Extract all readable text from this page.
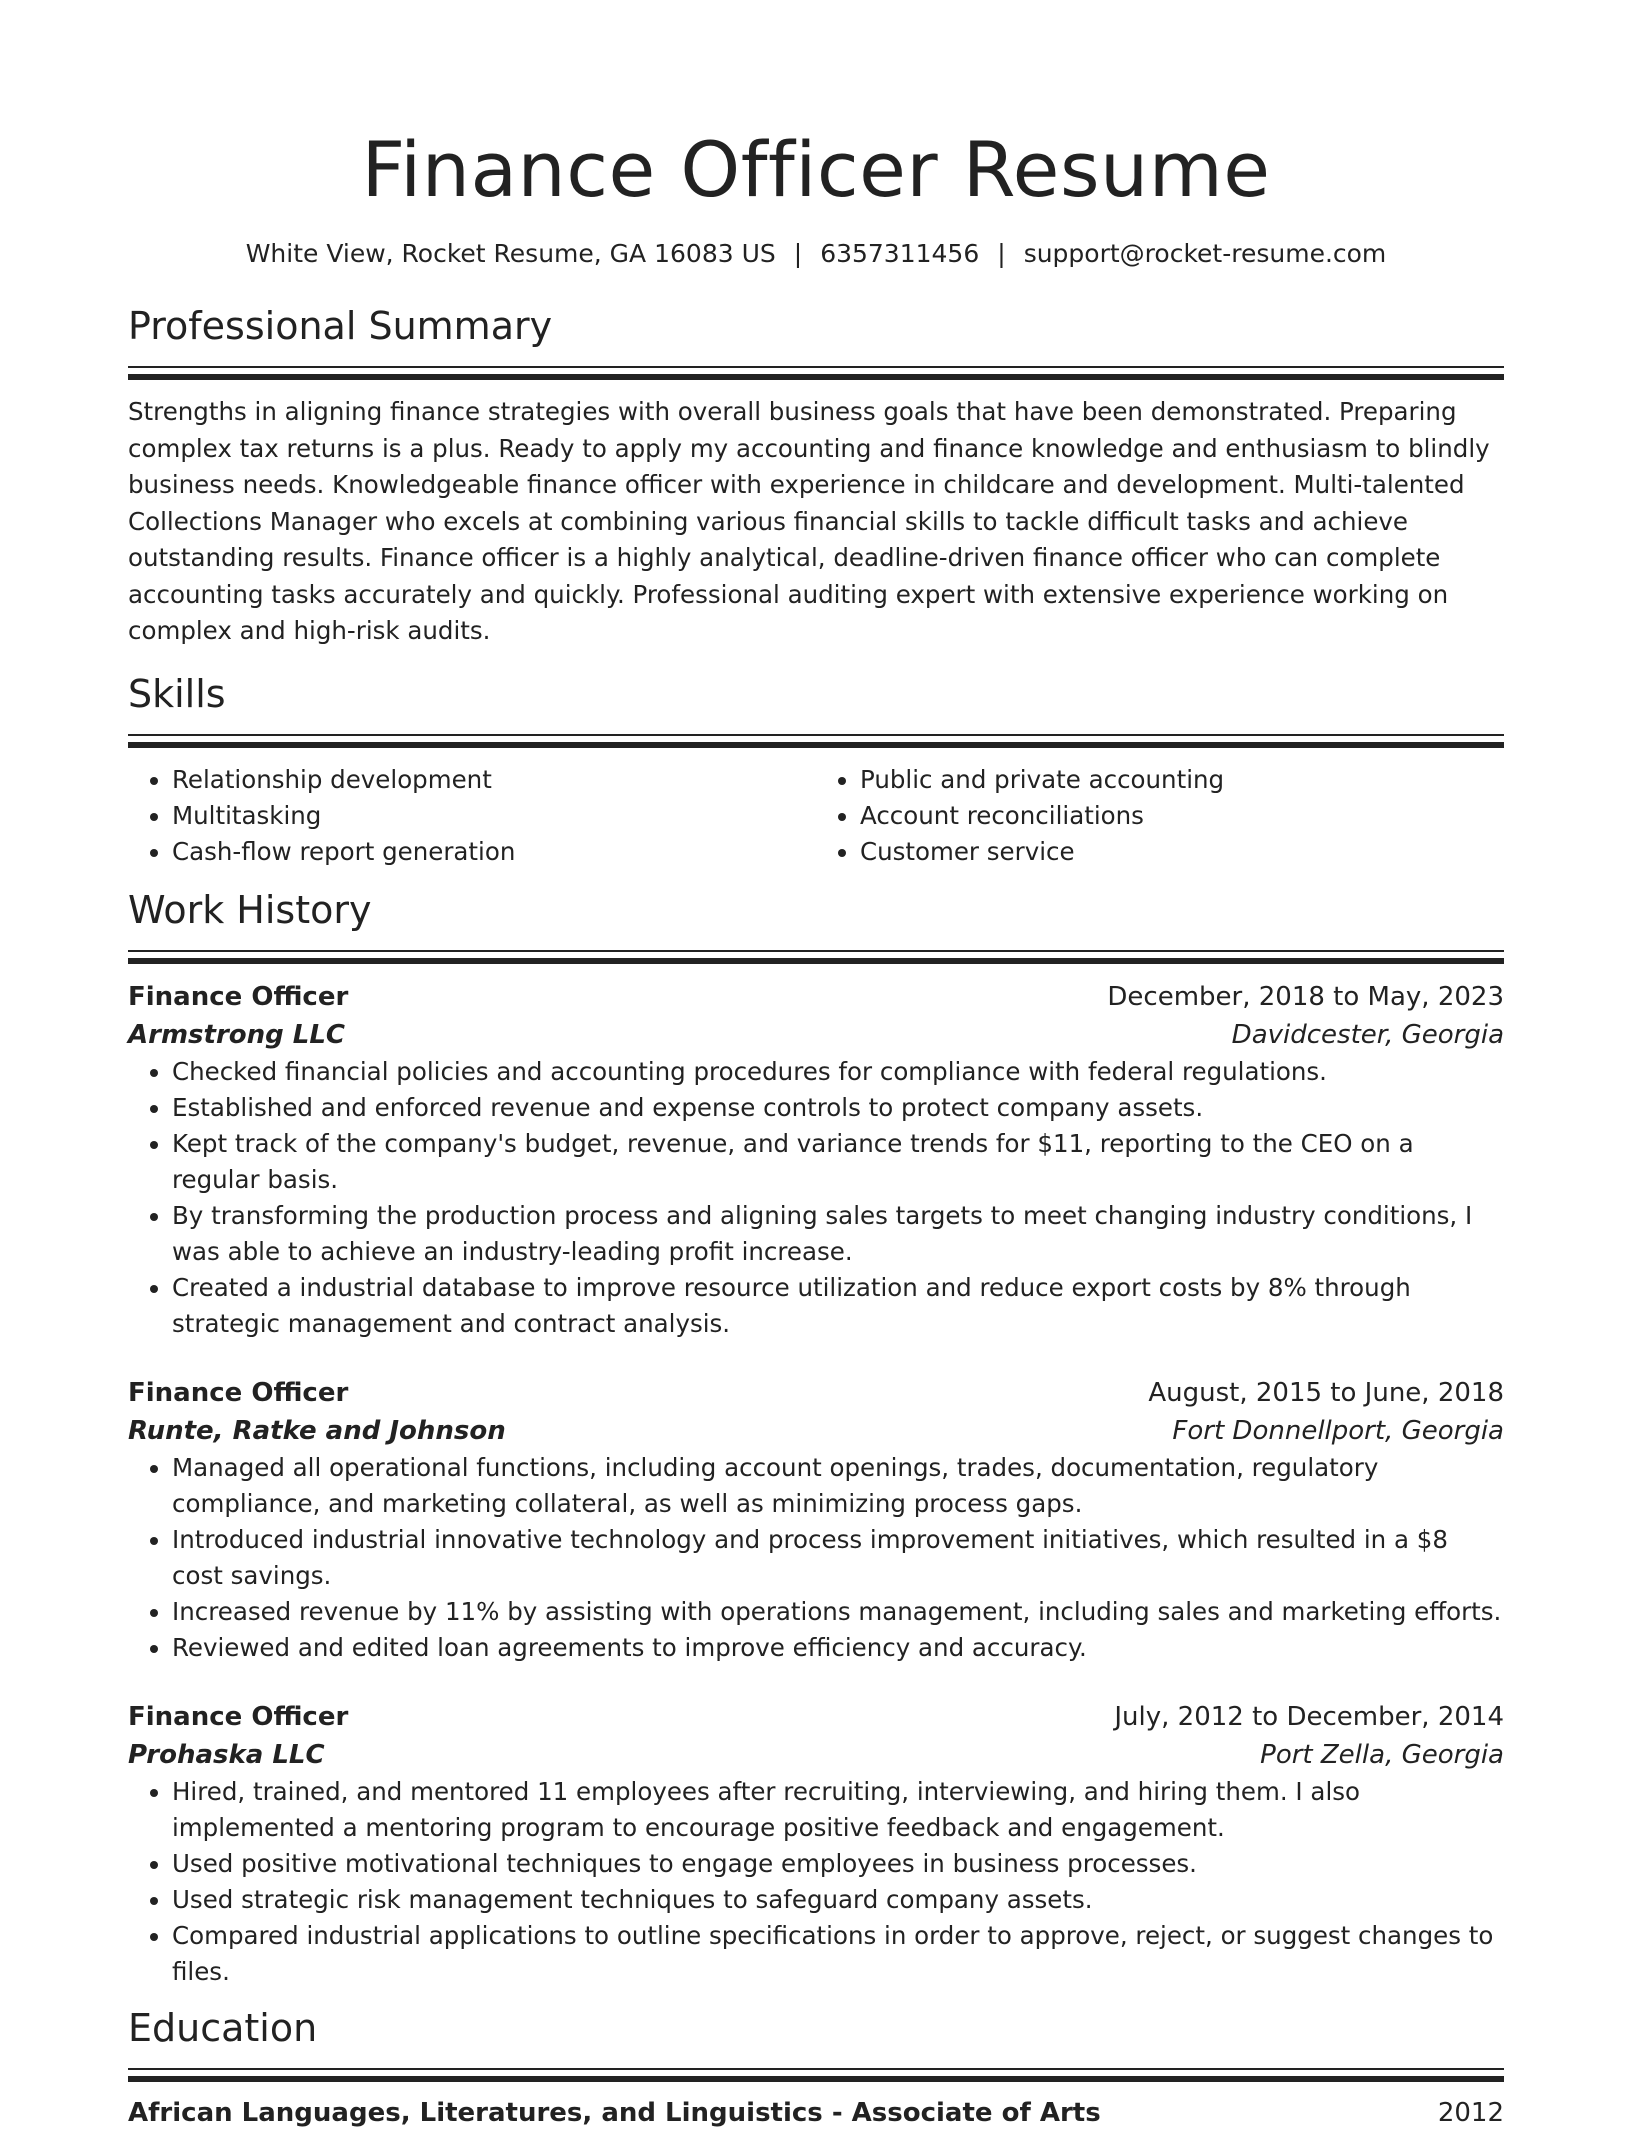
Finance Officer Resume
White View, Rocket Resume, GA 16083 US | 6357311456 | support@rocket-resume.com
Professional Summary

Strengths in aligning finance strategies with overall business goals that have been demonstrated. Preparing complex tax returns is a plus. Ready to apply my accounting and finance knowledge and enthusiasm to blindly business needs. Knowledgeable finance officer with experience in childcare and development. Multi-talented Collections Manager who excels at combining various financial skills to tackle difficult tasks and achieve outstanding results. Finance officer is a highly analytical, deadline-driven finance officer who can complete accounting tasks accurately and quickly. Professional auditing expert with extensive experience working on complex and high-risk audits.

Skills
• Relationship development
• Multitasking
• Cash-flow report generation
• Public and private accounting
• Account reconciliations
• Customer service
Work History
Finance Officer	December, 2018 to May, 2023
Armstrong LLC	Davidcester, Georgia
• Checked financial policies and accounting procedures for compliance with federal regulations.
• Established and enforced revenue and expense controls to protect company assets.
• Kept track of the company's budget, revenue, and variance trends for $11, reporting to the CEO on a regular basis.
• By transforming the production process and aligning sales targets to meet changing industry conditions, I was able to achieve an industry-leading profit increase.
• Created a industrial database to improve resource utilization and reduce export costs by 8% through strategic management and contract analysis.
Finance Officer	August, 2015 to June, 2018
Runte, Ratke and Johnson	Fort Donnellport, Georgia
• Managed all operational functions, including account openings, trades, documentation, regulatory compliance, and marketing collateral, as well as minimizing process gaps.
• Introduced industrial innovative technology and process improvement initiatives, which resulted in a $8 cost savings.
• Increased revenue by 11% by assisting with operations management, including sales and marketing efforts.
• Reviewed and edited loan agreements to improve efficiency and accuracy.
Finance Officer	July, 2012 to December, 2014
Prohaska LLC	Port Zella, Georgia
• Hired, trained, and mentored 11 employees after recruiting, interviewing, and hiring them. I also implemented a mentoring program to encourage positive feedback and engagement.
• Used positive motivational techniques to engage employees in business processes.
• Used strategic risk management techniques to safeguard company assets.
• Compared industrial applications to outline specifications in order to approve, reject, or suggest changes to files.
Education
African Languages, Literatures, and Linguistics - Associate of Arts	2012
